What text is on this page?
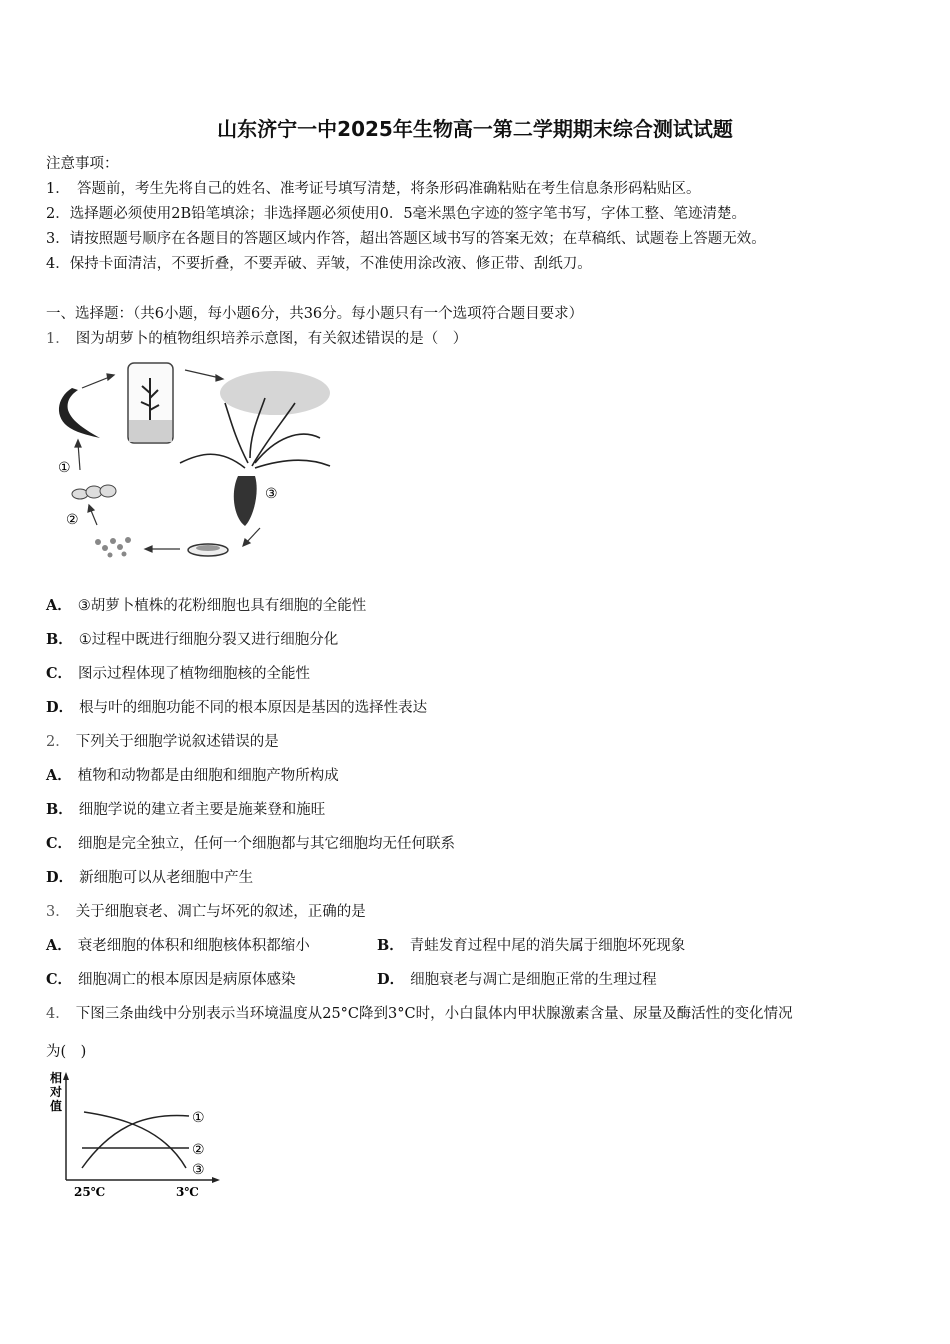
山东济宁一中2025年生物高一第二学期期末综合测试试题
注意事项：
1．　答题前，考生先将自己的姓名、准考证号填写清楚，将条形码准确粘贴在考生信息条形码粘贴区。
2．选择题必须使用2B铅笔填涂；非选择题必须使用0．5毫米黑色字迹的签字笔书写，字体工整、笔迹清楚。
3．请按照题号顺序在各题目的答题区域内作答，超出答题区域书写的答案无效；在草稿纸、试题卷上答题无效。
4．保持卡面清洁，不要折叠，不要弄破、弄皱，不准使用涂改液、修正带、刮纸刀。
一、选择题：（共6小题，每小题6分，共36分。每小题只有一个选项符合题目要求）
1． 图为胡萝卜的植物组织培养示意图，有关叙述错误的是（　）
③
①
②
A． ③胡萝卜植株的花粉细胞也具有细胞的全能性
B． ①过程中既进行细胞分裂又进行细胞分化
C． 图示过程体现了植物细胞核的全能性
D． 根与叶的细胞功能不同的根本原因是基因的选择性表达
2． 下列关于细胞学说叙述错误的是
A． 植物和动物都是由细胞和细胞产物所构成
B． 细胞学说的建立者主要是施莱登和施旺
C． 细胞是完全独立，任何一个细胞都与其它细胞均无任何联系
D． 新细胞可以从老细胞中产生
3． 关于细胞衰老、凋亡与坏死的叙述，正确的是
A． 衰老细胞的体积和细胞核体积都缩小	B． 青蛙发育过程中尾的消失属于细胞坏死现象
C． 细胞凋亡的根本原因是病原体感染	D． 细胞衰老与凋亡是细胞正常的生理过程
4． 下图三条曲线中分别表示当环境温度从25°C降到3°C时，小白鼠体内甲状腺激素含量、尿量及酶活性的变化情况
为(　)
相
对
值
①
②
③
25℃	3℃
